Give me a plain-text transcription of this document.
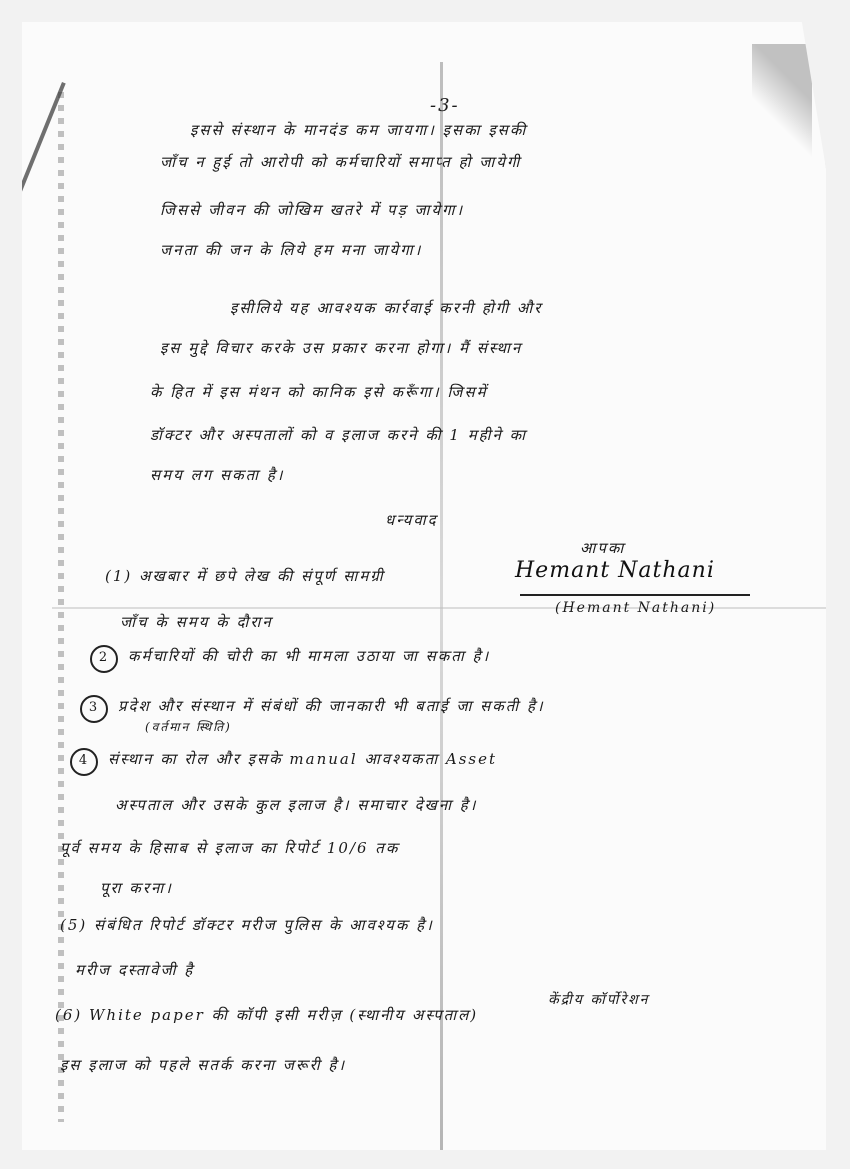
-3-
इससे संस्थान के मानदंड कम जायगा। इसका इसकी
जाँच न हुई तो आरोपी को कर्मचारियों समाप्त हो जायेगी
जिससे जीवन की जोखिम खतरे में पड़ जायेगा।
जनता की जन के लिये हम मना जायेगा।
इसीलिये यह आवश्यक कार्रवाई करनी होगी और
इस मुद्दे विचार करके उस प्रकार करना होगा। मैं संस्थान
के हित में इस मंथन को कानिक इसे करूँगा। जिसमें
डॉक्टर और अस्पतालों को व इलाज करने की 1 महीने का
समय लग सकता है।
धन्यवाद
आपका
Hemant Nathani
(Hemant Nathani)
(1) अखबार में छपे लेख की संपूर्ण सामग्री
जाँच के समय के दौरान
2 कर्मचारियों की चोरी का भी मामला उठाया जा सकता है।
3 प्रदेश और संस्थान में संबंधों की जानकारी भी बताई जा सकती है।
(वर्तमान स्थिति)
4 संस्थान का रोल और इसके manual आवश्यकता Asset
अस्पताल और उसके कुल इलाज है। समाचार देखना है।
पूर्व समय के हिसाब से इलाज का रिपोर्ट 10/6 तक
पूरा करना।
(5) संबंधित रिपोर्ट डॉक्टर मरीज पुलिस के आवश्यक है।
मरीज दस्तावेजी है
(6) White paper की कॉपी इसी मरीज़ (स्थानीय अस्पताल)
केंद्रीय कॉर्पोरेशन
इस इलाज को पहले सतर्क करना जरूरी है।
